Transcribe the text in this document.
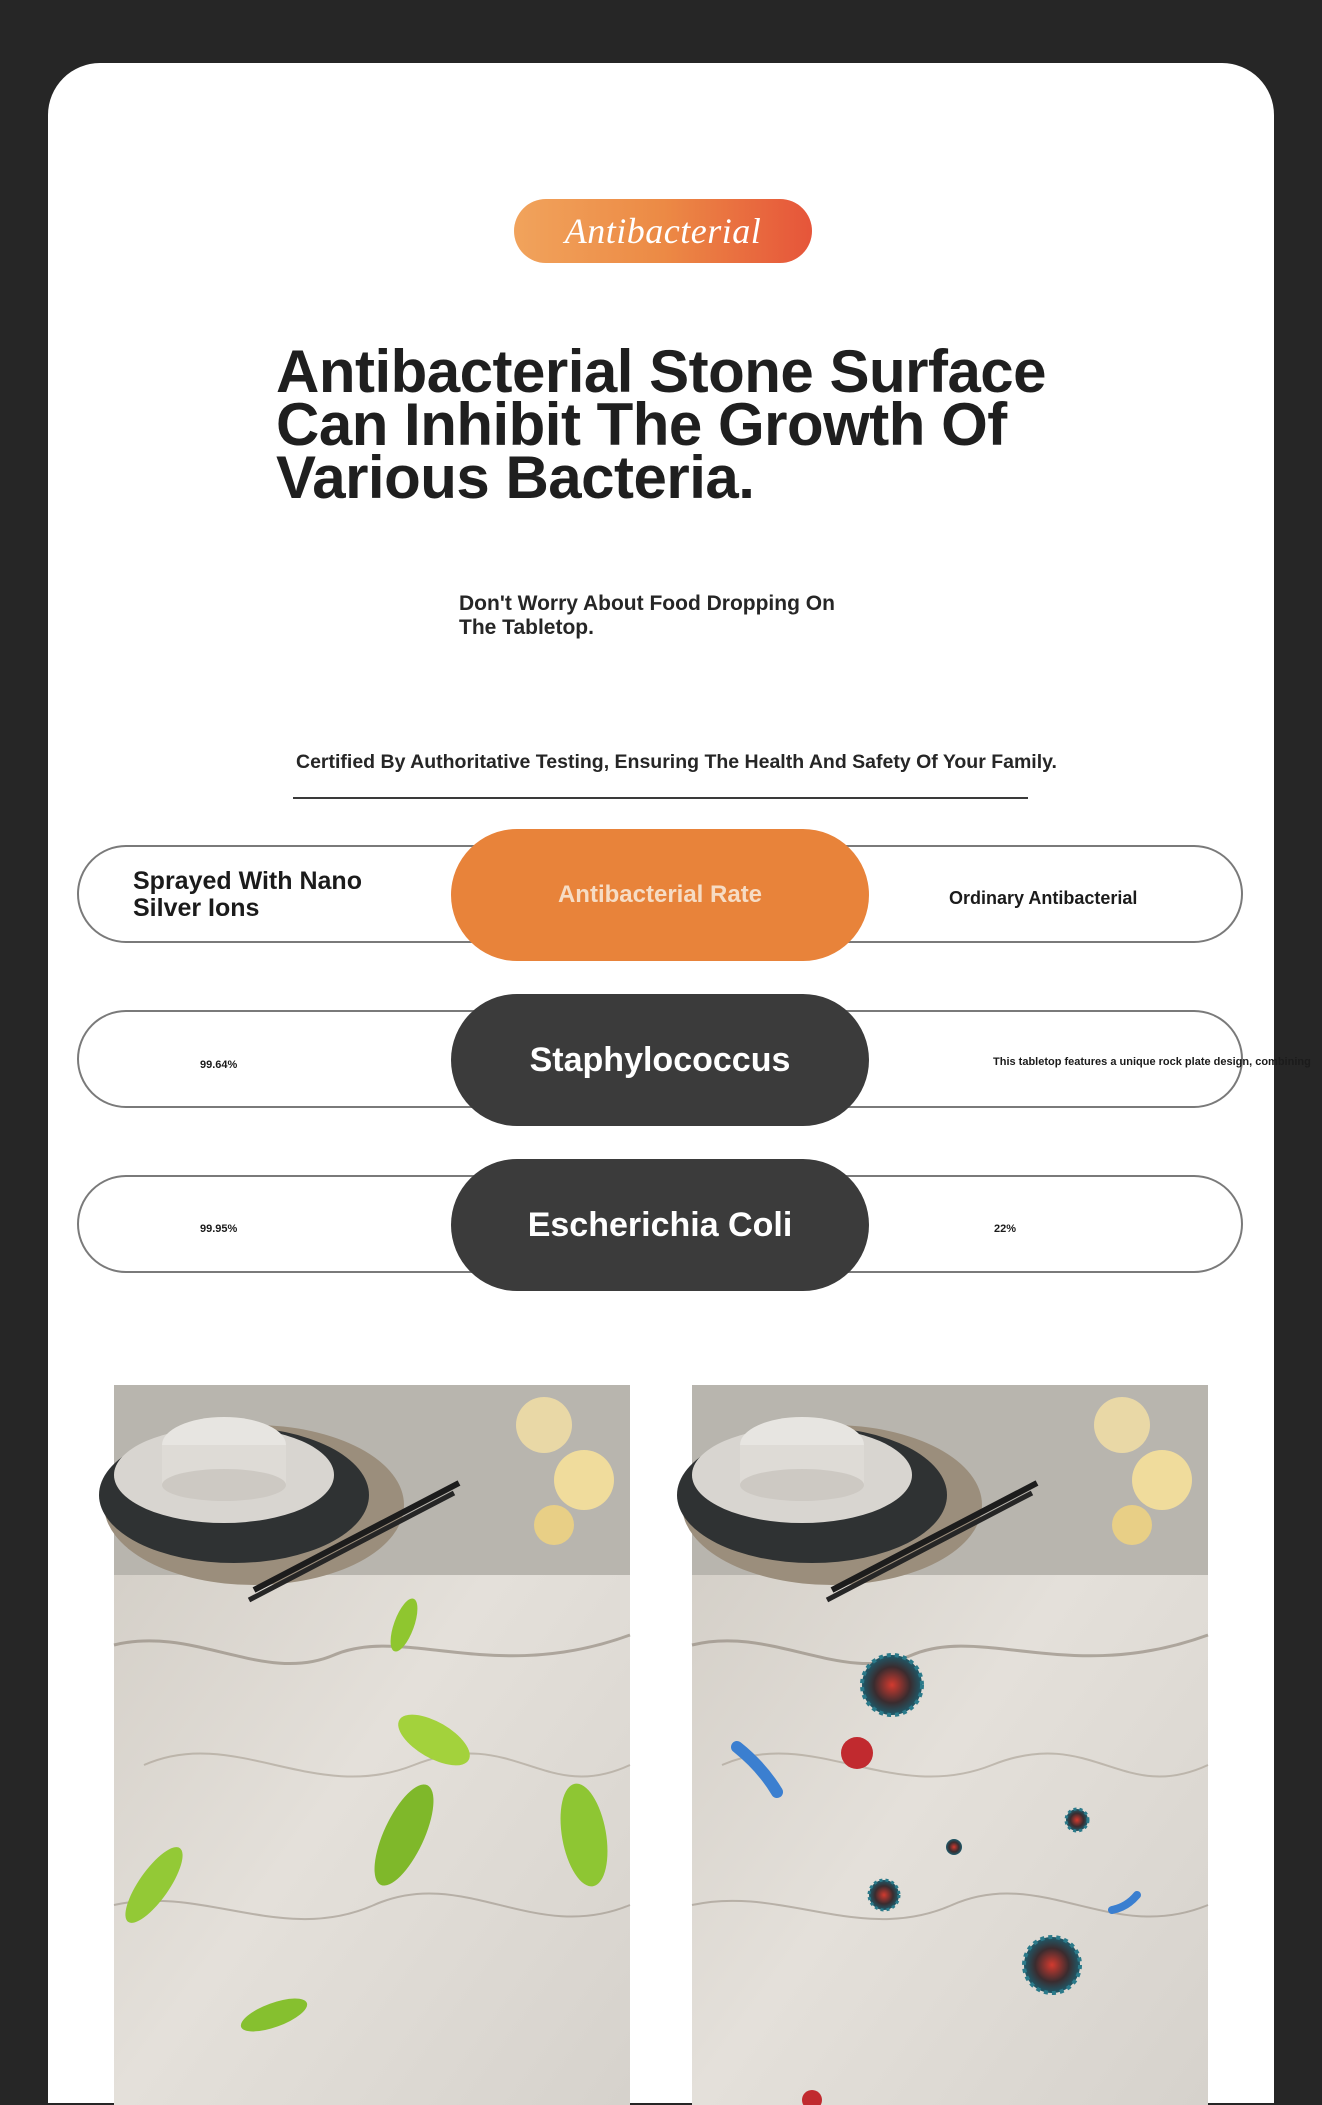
Antibacterial
Antibacterial Stone Surface
Can Inhibit The Growth Of
Various Bacteria.
Don't Worry About Food Dropping On
The Tabletop.
Certified By Authoritative Testing, Ensuring The Health And Safety Of Your Family.
Sprayed With Nano
Silver Ions	Antibacterial Rate	Ordinary Antibacterial
99.64%	Staphylococcus	This tabletop features a unique rock plate design, combining
99.95%	Escherichia Coli	22%
